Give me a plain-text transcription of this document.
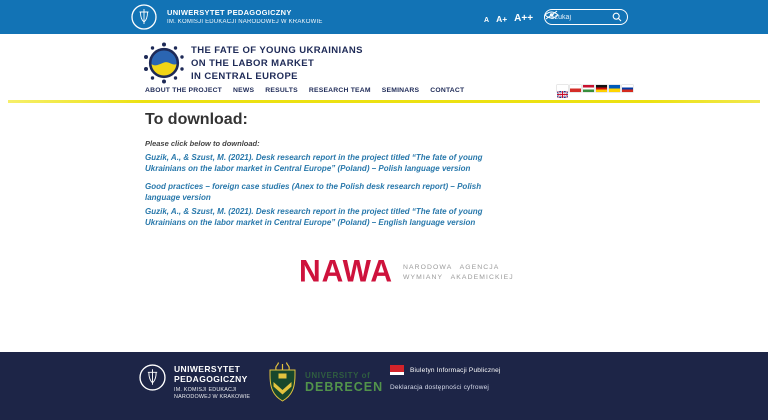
UNIWERSYTET PEDAGOGICZNY
IM. KOMISJI EDUKACJI NARODOWEJ W KRAKOWIE	A A+ A++
Szukaj
THE FATE OF YOUNG UKRAINIANS
ON THE LABOR MARKET
IN CENTRAL EUROPE
ABOUT THE PROJECT NEWS RESULTS RESEARCH TEAM SEMINARS CONTACT
To download:
Please click below to download:
Guzik, A., & Szust, M. (2021). Desk research report in the project titled “The fate of young Ukrainians on the labor market in Central Europe” (Poland) – Polish language version
Good practices – foreign case studies (Anex to the Polish desk research report) – Polish language version
Guzik, A., & Szust, M. (2021). Desk research report in the project titled “The fate of young Ukrainians on the labor market in Central Europe” (Poland) – English language version
NAWA NARODOWA AGENCJA
WYMIANY AKADEMICKIEJ
UNIWERSYTET
PEDAGOGICZNY
IM. KOMISJI EDUKACJI
NARODOWEJ W KRAKOWIE
UNIVERSITY of
DEBRECEN
Biuletyn Informacji Publicznej
Deklaracja dostępności cyfrowej
